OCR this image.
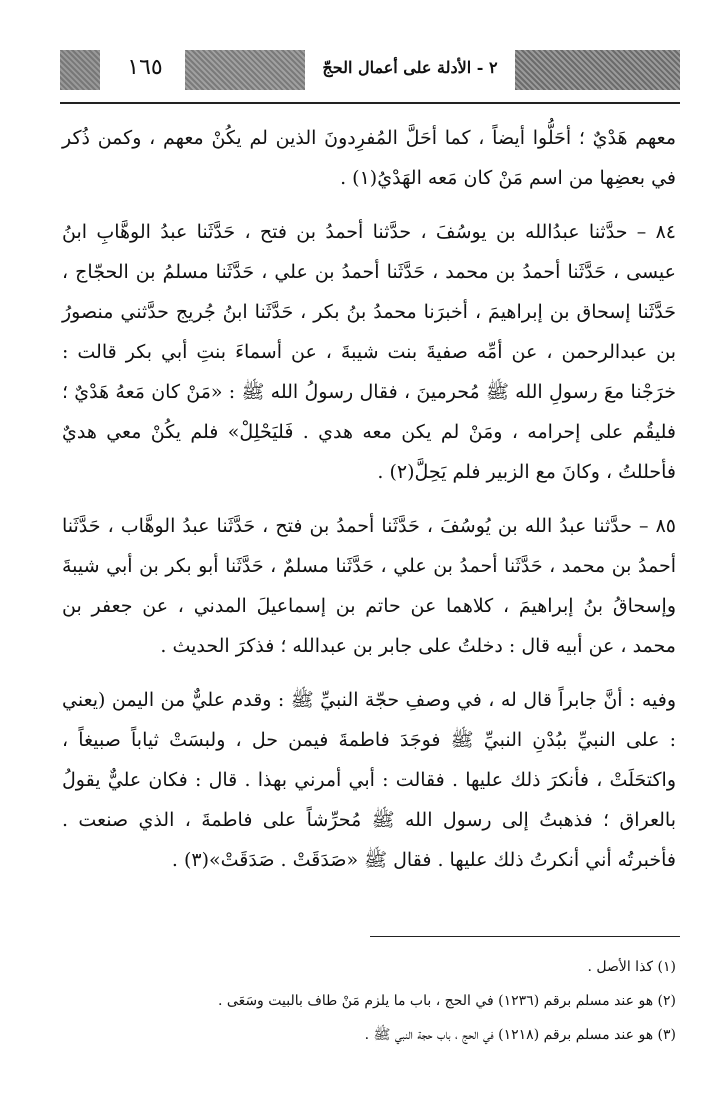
١٦٥	٢ - الأدلة على أعمال الحجّ

معهم هَدْيٌ ؛ أحَلُّوا أيضاً ، كما أحَلَّ المُفرِدونَ الذين لم يكُنْ معهم ، وكمن ذُكر في بعضِها من اسم مَنْ كان مَعه الهَدْيُ(١) .

٨٤ – حدَّثنا عبدُالله بن يوسُفَ ، حدَّثنا أحمدُ بن فتح ، حَدَّثَنا عبدُ الوهَّابِ ابنُ عيسى ، حَدَّثَنا أحمدُ بن محمد ، حَدَّثَنا أحمدُ بن علي ، حَدَّثَنا مسلمُ بن الحجّاج ، حَدَّثَنا إسحاق بن إبراهيمَ ، أخبرَنا محمدُ بنُ بكر ، حَدَّثَنا ابنُ جُريج حدَّثني منصورُ بن عبدالرحمن ، عن أمِّه صفيةَ بنت شيبةَ ، عن أسماءَ بنتِ أبي بكر قالت : خرَجْنا معَ رسولِ الله ﷺ مُحرمينَ ، فقال رسولُ الله ﷺ : «مَنْ كان مَعهُ هَدْيٌ ؛ فليقُم على إحرامه ، ومَنْ لم يكن معه هدي . فَليَحْلِلْ» فلم يكُنْ معي هديٌ فأحللتُ ، وكانَ مع الزبير فلم يَحِلَّ(٢) .

٨٥ – حدَّثنا عبدُ الله بن يُوسُفَ ، حَدَّثَنا أحمدُ بن فتح ، حَدَّثَنا عبدُ الوهَّاب ، حَدَّثَنا أحمدُ بن محمد ، حَدَّثَنا أحمدُ بن علي ، حَدَّثَنا مسلمٌ ، حَدَّثَنا أبو بكر بن أبي شيبةَ وإسحاقُ بنُ إبراهيمَ ، كلاهما عن حاتم بن إسماعيلَ المدني ، عن جعفر بن محمد ، عن أبيه قال : دخلتُ على جابر بن عبدالله ؛ فذكرَ الحديث .

وفيه : أنَّ جابراً قال له ، في وصفِ حجّة النبيِّ ﷺ : وقدم عليٌّ من اليمن (يعني : على النبيِّ ببُدْنِ النبيِّ ﷺ فوجَدَ فاطمةَ فيمن حل ، ولبسَتْ ثياباً صبيغاً ، واكتحَلَتْ ، فأنكرَ ذلك عليها . فقالت : أبي أمرني بهذا . قال : فكان عليٌّ يقولُ بالعراق ؛ فذهبتُ إلى رسول الله ﷺ مُحرِّشاً على فاطمةَ ، الذي صنعت . فأخبرتُه أني أنكرتُ ذلك عليها . فقال ﷺ «صَدَقَتْ . صَدَقَتْ»(٣) .

(١) كذا الأصل .
(٢) هو عند مسلم برقم (١٢٣٦) في الحج ، باب ما يلزم مَنْ طاف بالبيت وسَعَى .
(٣) هو عند مسلم برقم (١٢١٨) في الحج ، باب حجة النبي ﷺ .
